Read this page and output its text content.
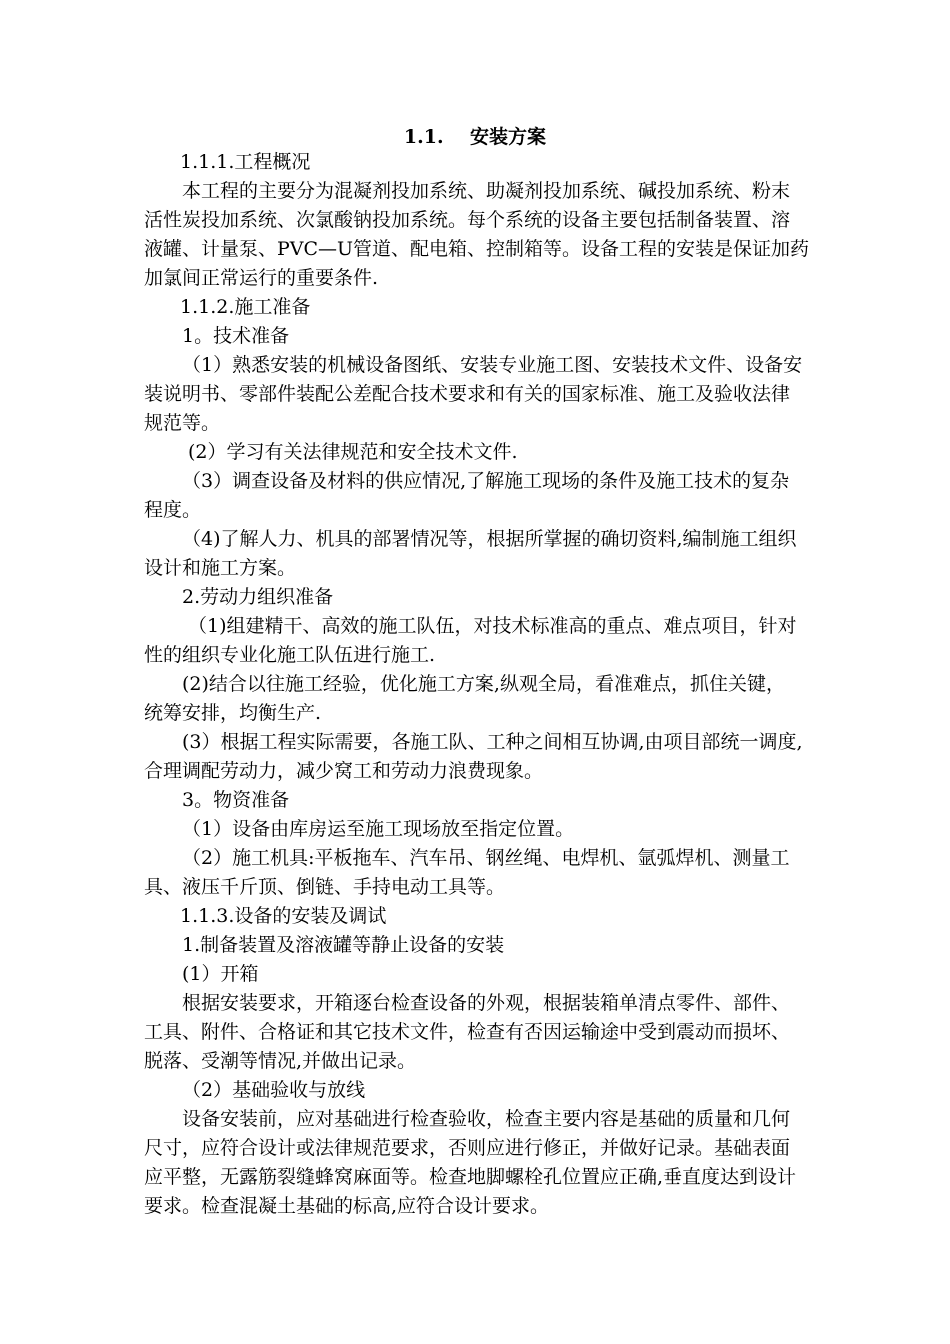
1.1.    安装方案
1.1.1.工程概况
本工程的主要分为混凝剂投加系统、助凝剂投加系统、碱投加系统、粉末
活性炭投加系统、次氯酸钠投加系统。每个系统的设备主要包括制备装置、溶
液罐、计量泵、PVC—U管道、配电箱、控制箱等。设备工程的安装是保证加药
加氯间正常运行的重要条件.
1.1.2.施工准备
1。技术准备
（1）熟悉安装的机械设备图纸、安装专业施工图、安装技术文件、设备安
装说明书、零部件装配公差配合技术要求和有关的国家标准、施工及验收法律
规范等。
(2）学习有关法律规范和安全技术文件.
（3）调查设备及材料的供应情况,了解施工现场的条件及施工技术的复杂
程度。
（4)了解人力、机具的部署情况等，根据所掌握的确切资料,编制施工组织
设计和施工方案。
2.劳动力组织准备
（1)组建精干、高效的施工队伍，对技术标准高的重点、难点项目，针对
性的组织专业化施工队伍进行施工.
(2)结合以往施工经验，优化施工方案,纵观全局，看准难点，抓住关键，
统筹安排，均衡生产.
(3）根据工程实际需要，各施工队、工种之间相互协调,由项目部统一调度,
合理调配劳动力，减少窝工和劳动力浪费现象。
3。物资准备
（1）设备由库房运至施工现场放至指定位置。
（2）施工机具:平板拖车、汽车吊、钢丝绳、电焊机、氩弧焊机、测量工
具、液压千斤顶、倒链、手持电动工具等。
1.1.3.设备的安装及调试
1.制备装置及溶液罐等静止设备的安装
(1）开箱
根据安装要求，开箱逐台检查设备的外观，根据装箱单清点零件、部件、
工具、附件、合格证和其它技术文件，检查有否因运输途中受到震动而损坏、
脱落、受潮等情况,并做出记录。
（2）基础验收与放线
设备安装前，应对基础进行检查验收，检查主要内容是基础的质量和几何
尺寸，应符合设计或法律规范要求，否则应进行修正，并做好记录。基础表面
应平整，无露筋裂缝蜂窝麻面等。检查地脚螺栓孔位置应正确,垂直度达到设计
要求。检查混凝土基础的标高,应符合设计要求。
